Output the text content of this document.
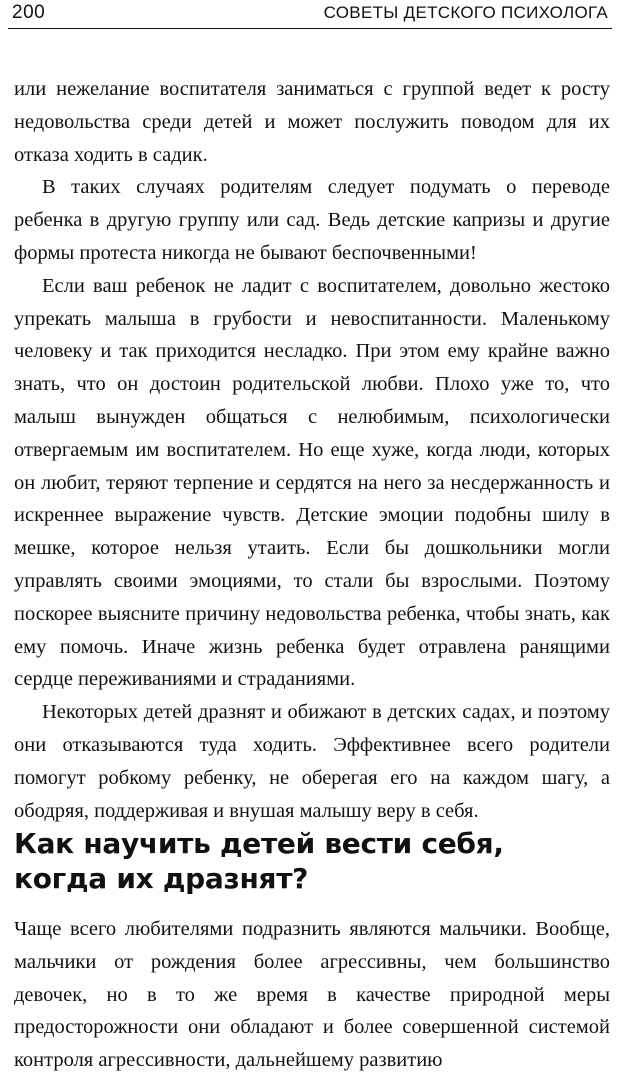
200	СОВЕТЫ ДЕТСКОГО ПСИХОЛОГА

или нежелание воспитателя заниматься с группой ведет к росту недовольства среди детей и может послужить поводом для их отказа ходить в садик.

В таких случаях родителям следует подумать о переводе ребенка в другую группу или сад. Ведь детские капризы и другие формы протеста никогда не бывают беспочвенными!

Если ваш ребенок не ладит с воспитателем, довольно жестоко упрекать малыша в грубости и невоспитанности. Маленькому человеку и так приходится несладко. При этом ему крайне важно знать, что он достоин родительской любви. Плохо уже то, что малыш вынужден общаться с нелюбимым, психологически отвергаемым им воспитателем. Но еще хуже, когда люди, которых он любит, теряют терпение и сердятся на него за несдержанность и искреннее выражение чувств. Детские эмоции подобны шилу в мешке, которое нельзя утаить. Если бы дошкольники могли управлять своими эмоциями, то стали бы взрослыми. Поэтому поскорее выясните причину недовольства ребенка, чтобы знать, как ему помочь. Иначе жизнь ребенка будет отравлена ранящими сердце переживаниями и страданиями.

Некоторых детей дразнят и обижают в детских садах, и поэтому они отказываются туда ходить. Эффективнее всего родители помогут робкому ребенку, не оберегая его на каждом шагу, а ободряя, поддерживая и внушая малышу веру в себя.

Как научить детей вести себя,
когда их дразнят?

Чаще всего любителями подразнить являются мальчики. Вообще, мальчики от рождения более агрессивны, чем большинство девочек, но в то же время в качестве природной меры предосторожности они обладают и более совершенной системой контроля агрессивности, дальнейшему развитию
